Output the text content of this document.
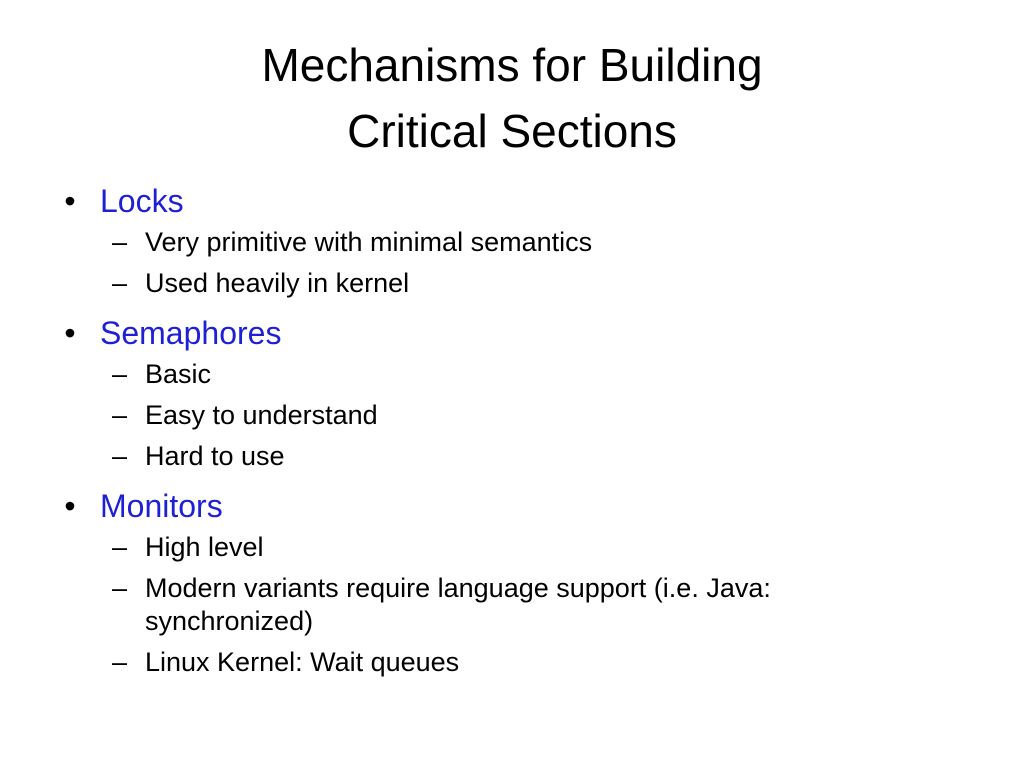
Mechanisms for Building
Critical Sections
• Locks
– Very primitive with minimal semantics
– Used heavily in kernel
• Semaphores
– Basic
– Easy to understand
– Hard to use
• Monitors
– High level
– Modern variants require language support (i.e. Java: synchronized)
– Linux Kernel: Wait queues
